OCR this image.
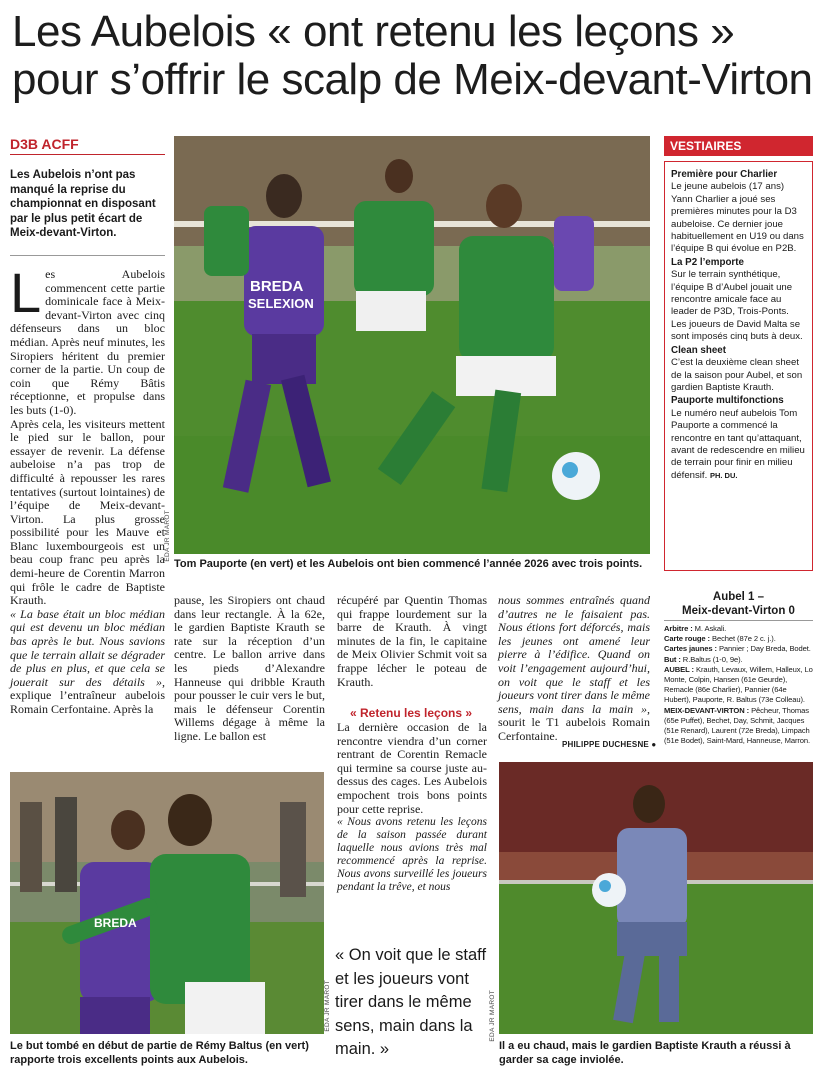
Les Aubelois « ont retenu les leçons »
pour s’offrir le scalp de Meix-devant-Virton
D3B ACFF
Les Aubelois n’ont pas manqué la reprise du championnat en disposant par le plus petit écart de Meix-devant-Virton.

L es Aubelois commencent cette partie dominicale face à Meix-devant-Virton avec cinq défenseurs dans un bloc médian. Après neuf minutes, les Siropiers héritent du premier corner de la partie. Un coup de coin que Rémy Bâtis réceptionne, et propulse dans les buts (1-0).

Après cela, les visiteurs mettent le pied sur le ballon, pour essayer de revenir. La défense aubeloise n’a pas trop de difficulté à repousser les rares tentatives (surtout lointaines) de l’équipe de Meix-devant-Virton. La plus grosse possibilité pour les Mauve et Blanc luxembourgeois est un beau coup franc peu après la demi-heure de Corentin Marron qui frôle le cadre de Baptiste Krauth.

« La base était un bloc médian qui est devenu un bloc médian bas après le but. Nous savions que le terrain allait se dégrader de plus en plus, et que cela se jouerait sur des détails », explique l’entraîneur aubelois Romain Cerfontaine. Après la

BREDA
SELEXION
EDA JR MAROT
Tom Pauporte (en vert) et les Aubelois ont bien commencé l’année 2026 avec trois points.

pause, les Siropiers ont chaud dans leur rectangle. À la 62e, le gardien Baptiste Krauth se rate sur la réception d’un centre. Le ballon arrive dans les pieds d’Alexandre Hanneuse qui dribble Krauth pour pousser le cuir vers le but, mais le défenseur Corentin Willems dégage à même la ligne. Le ballon est

récupéré par Quentin Thomas qui frappe lourdement sur la barre de Krauth. À vingt minutes de la fin, le capitaine de Meix Olivier Schmit voit sa frappe lécher le poteau de Krauth.

« Retenu les leçons »

La dernière occasion de la rencontre viendra d’un corner rentrant de Corentin Remacle qui termine sa course juste au-dessus des cages. Les Aubelois empochent trois bons points pour cette reprise.

« Nous avons retenu les leçons de la saison passée durant laquelle nous avions très mal recommencé après la reprise. Nous avons surveillé les joueurs pendant la trêve, et nous

nous sommes entraînés quand d’autres ne le faisaient pas. Nous étions fort déforcés, mais les jeunes ont amené leur pierre à l’édifice. Quand on voit l’engagement aujourd’hui, on voit que le staff et les joueurs vont tirer dans le même sens, main dans la main », sourit le T1 aubelois Romain Cerfontaine.

PHILIPPE DUCHESNE ●
« On voit que le staff et les joueurs vont tirer dans le même sens, main dans la main. »
BREDA
EDA JR MAROT
Le but tombé en début de partie de Rémy Baltus (en vert) rapporte trois excellents points aux Aubelois.
EDA JR MAROT
Il a eu chaud, mais le gardien Baptiste Krauth a réussi à garder sa cage inviolée.
VESTIAIRES
Première pour Charlier

Le jeune aubelois (17 ans) Yann Charlier a joué ses premières minutes pour la D3 aubeloise. Ce dernier joue habituellement en U19 ou dans l’équipe B qui évolue en P2B.

La P2 l’emporte

Sur le terrain synthétique, l’équipe B d’Aubel jouait une rencontre amicale face au leader de P3D, Trois-Ponts. Les joueurs de David Malta se sont imposés cinq buts à deux.

Clean sheet

C’est la deuxième clean sheet de la saison pour Aubel, et son gardien Baptiste Krauth.

Pauporte multifonctions

Le numéro neuf aubelois Tom Pauporte a commencé la rencontre en tant qu’attaquant, avant de redescendre en milieu de terrain pour finir en milieu défensif. PH. DU.

Aubel 1 –
Meix-devant-Virton 0
Arbitre : M. Askali.
Carte rouge : Bechet (87e 2 c. j.).
Cartes jaunes : Pannier ; Day Breda, Bodet.
But : R.Baltus (1-0, 9e).
AUBEL : Krauth, Levaux, Willem, Halleux, Lo Monte, Colpin, Hansen (61e Geurde), Remacle (86e Charlier), Pannier (64e Hubert), Pauporte, R. Baltus (73e Colleau).
MEIX-DEVANT-VIRTON : Pêcheur, Thomas (65e Puffet), Bechet, Day, Schmit, Jacques (51e Renard), Laurent (72e Breda), Limpach (51e Bodet), Saint-Mard, Hanneuse, Marron.
